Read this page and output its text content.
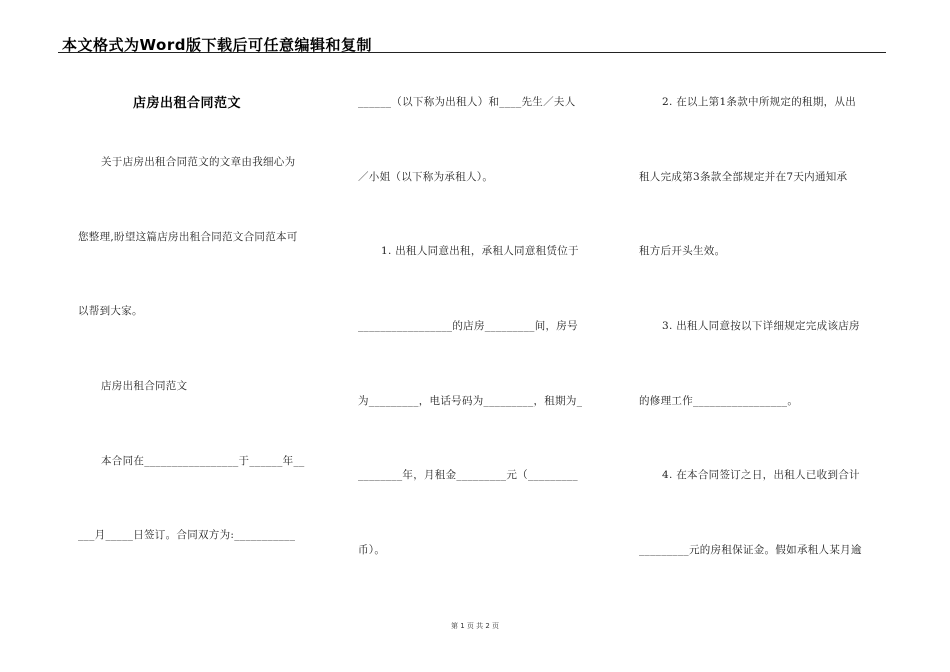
本文格式为Word版下载后可任意编辑和复制
店房出租合同范文
关于店房出租合同范文的文章由我细心为
您整理,盼望这篇店房出租合同范文合同范本可
以帮到大家。
店房出租合同范文
本合同在_________________于______年__
___月_____日签订。合同双方为:___________
______（以下称为出租人）和____先生／夫人
／小姐（以下称为承租人）。
1. 出租人同意出租，承租人同意租赁位于
_________________的店房_________间，房号
为_________，电话号码为_________，租期为_
________年，月租金_________元（_________
币）。
2. 在以上第1条款中所规定的租期，从出
租人完成第3条款全部规定并在7天内通知承
租方后开头生效。
3. 出租人同意按以下详细规定完成该店房
的修理工作_________________。
4. 在本合同签订之日，出租人已收到合计
_________元的房租保证金。假如承租人某月逾
第 1 页 共 2 页
